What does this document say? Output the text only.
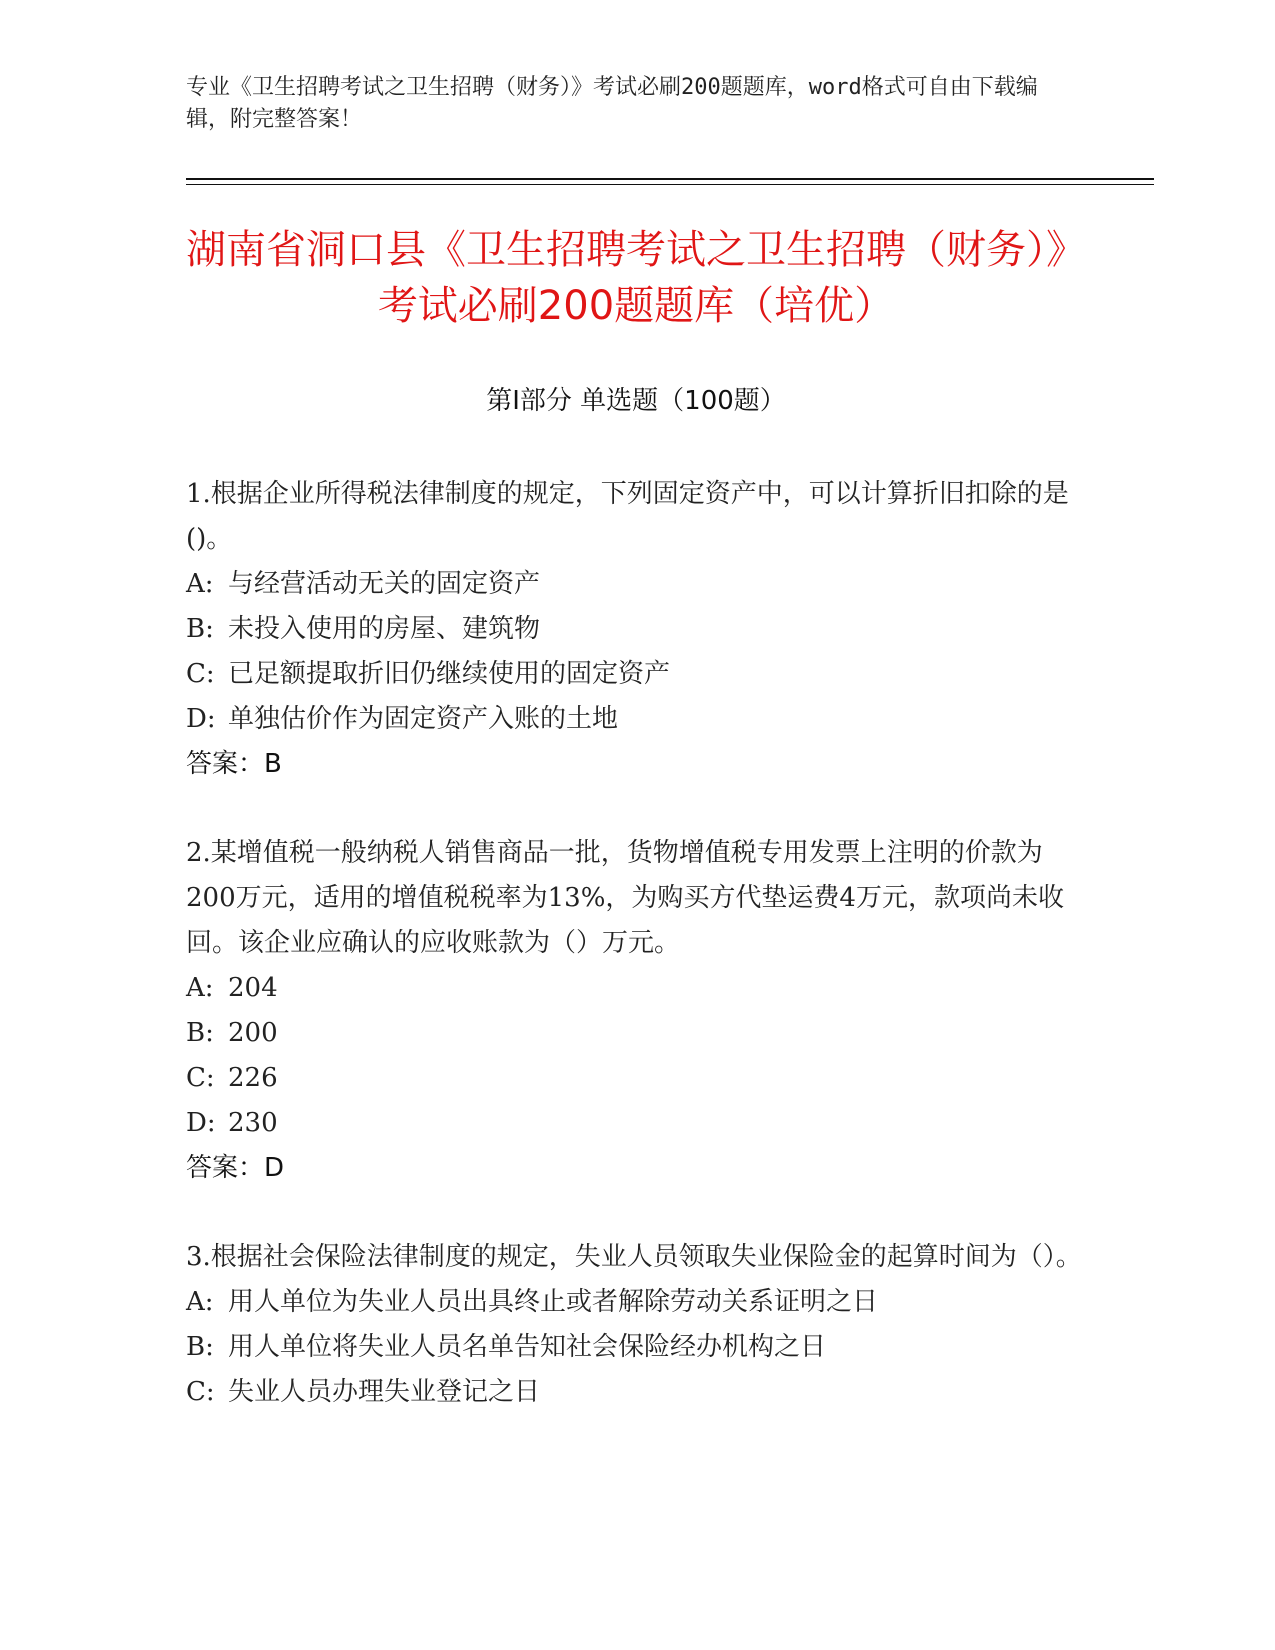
专业《卫生招聘考试之卫生招聘（财务）》考试必刷200题题库，word格式可自由下载编辑，附完整答案！
湖南省洞口县《卫生招聘考试之卫生招聘（财务）》考试必刷200题题库（培优）
第Ⅰ部分 单选题（100题）
1.根据企业所得税法律制度的规定，下列固定资产中，可以计算折旧扣除的是()。
A: 与经营活动无关的固定资产
B: 未投入使用的房屋、建筑物
C: 已足额提取折旧仍继续使用的固定资产
D: 单独估价作为固定资产入账的土地
答案：B
2.某增值税一般纳税人销售商品一批，货物增值税专用发票上注明的价款为200万元，适用的增值税税率为13%，为购买方代垫运费4万元，款项尚未收回。该企业应确认的应收账款为（）万元。
A: 204
B: 200
C: 226
D: 230
答案：D
3.根据社会保险法律制度的规定，失业人员领取失业保险金的起算时间为（）。
A: 用人单位为失业人员出具终止或者解除劳动关系证明之日
B: 用人单位将失业人员名单告知社会保险经办机构之日
C: 失业人员办理失业登记之日
